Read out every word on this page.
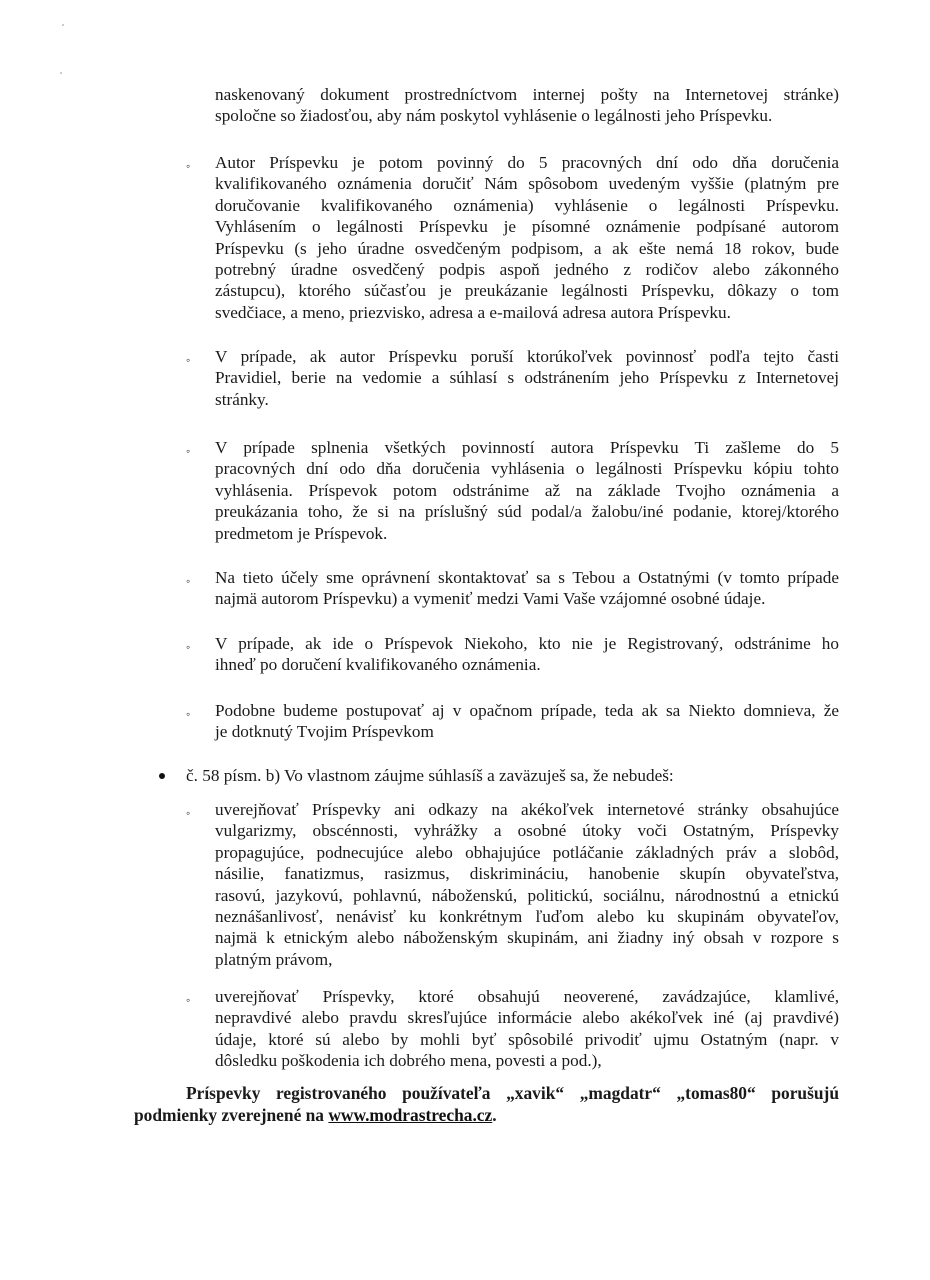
naskenovaný dokument prostredníctvom internej pošty na Internetovej stránke)
spoločne so žiadosťou, aby nám poskytol vyhlásenie o legálnosti jeho Príspevku.
◦ Autor Príspevku je potom povinný do 5 pracovných dní odo dňa doručenia
kvalifikovaného oznámenia doručiť Nám spôsobom uvedeným vyššie (platným pre
doručovanie kvalifikovaného oznámenia) vyhlásenie o legálnosti Príspevku.
Vyhlásením o legálnosti Príspevku je písomné oznámenie podpísané autorom
Príspevku (s jeho úradne osvedčeným podpisom, a ak ešte nemá 18 rokov, bude
potrebný úradne osvedčený podpis aspoň jedného z rodičov alebo zákonného
zástupcu), ktorého súčasťou je preukázanie legálnosti Príspevku, dôkazy o tom
svedčiace, a meno, priezvisko, adresa a e-mailová adresa autora Príspevku.
◦ V prípade, ak autor Príspevku poruší ktorúkoľvek povinnosť podľa tejto časti
Pravidiel, berie na vedomie a súhlasí s odstránením jeho Príspevku z Internetovej
stránky.
◦ V prípade splnenia všetkých povinností autora Príspevku Ti zašleme do 5
pracovných dní odo dňa doručenia vyhlásenia o legálnosti Príspevku kópiu tohto
vyhlásenia. Príspevok potom odstránime až na základe Tvojho oznámenia a
preukázania toho, že si na príslušný súd podal/a žalobu/iné podanie, ktorej/ktorého
predmetom je Príspevok.
◦ Na tieto účely sme oprávnení skontaktovať sa s Tebou a Ostatnými (v tomto prípade
najmä autorom Príspevku) a vymeniť medzi Vami Vaše vzájomné osobné údaje.
◦ V prípade, ak ide o Príspevok Niekoho, kto nie je Registrovaný, odstránime ho
ihneď po doručení kvalifikovaného oznámenia.
◦ Podobne budeme postupovať aj v opačnom prípade, teda ak sa Niekto domnieva, že
je dotknutý Tvojim Príspevkom
č. 58 písm. b) Vo vlastnom záujme súhlasíš a zaväzuješ sa, že nebudeš:
◦ uverejňovať Príspevky ani odkazy na akékoľvek internetové stránky obsahujúce
vulgarizmy, obscénnosti, vyhrážky a osobné útoky voči Ostatným, Príspevky
propagujúce, podnecujúce alebo obhajujúce potláčanie základných práv a slobôd,
násilie, fanatizmus, rasizmus, diskrimináciu, hanobenie skupín obyvateľstva,
rasovú, jazykovú, pohlavnú, náboženskú, politickú, sociálnu, národnostnú a etnickú
neznášanlivosť, nenávisť ku konkrétnym ľuďom alebo ku skupinám obyvateľov,
najmä k etnickým alebo náboženským skupinám, ani žiadny iný obsah v rozpore s
platným právom,
◦ uverejňovať Príspevky, ktoré obsahujú neoverené, zavádzajúce, klamlivé,
nepravdivé alebo pravdu skresľujúce informácie alebo akékoľvek iné (aj pravdivé)
údaje, ktoré sú alebo by mohli byť spôsobilé privodiť ujmu Ostatným (napr. v
dôsledku poškodenia ich dobrého mena, povesti a pod.),
Príspevky registrovaného používateľa „xavik“ „magdatr“ „tomas80“ porušujú
podmienky zverejnené na www.modrastrecha.cz.
